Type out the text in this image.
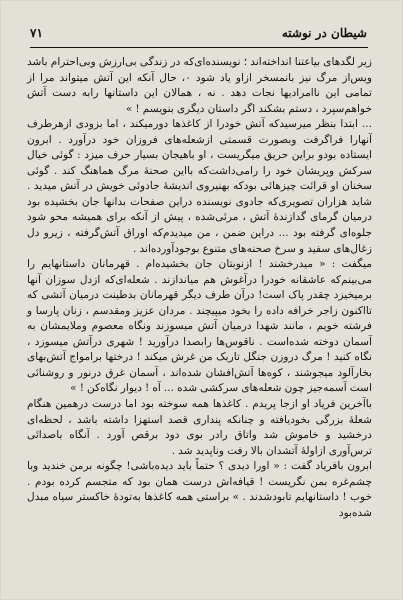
۷۱	شیطان در نوشته

زیر لگدهای بیاعتنا انداخته‌اند ؛ نویسنده‌ای‌که در زندگی بی‌ارزش وبی‌احترام باشد ویس‌از مرگ نیز بانمسخر ازاو یاد شود ۰، حال آنکه این آتش میتواند مرا از تمامی این ناامرادیها نجات دهد . نه ، همالان این داستانها رابه دست آتش خواهم‌سپرد ، دستم بشکند اگر داستان دیگری بنویسم ! »

... ابتدا بنظر میرسیدکه آتش خودرا از کاغذها دورمیکند ، اما بزودی ازهرطرف آنهارا فراگرفت وبصورت قسمتی ازشعله‌های فروزان خود درآورد . ابرون ایستاده بودو براین حریق میگریست ، او باهیجان بسیار حرف میزد : گوئی خیال سرکش وپریشان خود را رامی‌داشت‌که بااین صحنهٔ مرگ هماهنگ کند . گوئی سخنان او قرائت چیزهائی بودکه بهنیروی اندیشهٔ جادوئی خویش در آتش میدید . شاید هزاران تصویری‌که جادوی نویسنده دراین صفحات بدانها جان بخشیده بود درمیان گرمای گدازندهٔ آتش ، مرئی‌شده ، پیش از آنکه برای همیشه محو شود جلوه‌ای گرفته بود ... دراین ضمن ، من میدیدم‌که اوراق آتش‌گرفته ، زیرو دل زغال‌های سفید و سرخ صحنه‌های متنوع بوجودآورده‌اند .

میگفت : « میدرخشند ! ازنوبتان جان بخشیده‌ام . قهرمانان داستانهایم را می‌بینم‌که عاشقانه خودرا درآغوش هم میاندازند . شعله‌ای‌که ازدل سوزان آنها برمیخیزد چقدر پاک است! درآن طرف دیگر قهرمانان بدطینت درمیان آتشی که تااکنون زاجر خرافه داده را بخود میپیچند . مردان عزیز ومقدسم ، زنان پارسا و فرشته خویم ، مانند شهدا درمیان آتش میسوزند ونگاه معصوم وملایمشان به آسمان دوخته شده‌است . ناقوس‌ها رابصدا درآورید ! شهری درآتش میسوزد ، نگاه کنید ! مرگ دروزن جنگل تاریک من غرش میکند ! درختها برامواج آتش‌بهای بخارآلود میجوشند ، کوه‌ها آتش‌افشان شده‌اند ، آسمان غرق درنور و روشنائی است آسمه‌جیز چون شعله‌های سرکشی شده ... آه ! دیوار نگاه‌کن ! »

باآخرین فریاد او ازجا پریدم . کاغذها همه سوخته بود اما درست درهمین هنگام شعلهٔ بزرگی بخودیافته و چنانکه پنداری قصد استهزا داشته باشد ، لحظه‌ای درخشید و خاموش شد واتاق رادر بوی دود برقص آورد . آنگاه باصدائی ترس‌آوری ازاولهٔ آتشدان بالا رفت وناپدید شد .

ابرون بافریاد گفت : « اورا دیدی ؟ حتماً باید دیده‌باشی! چگونه برمن خندید وبا چشم‌غره بمن نگریست ! قیافه‌اش درست همان بود که متجسم کرده بودم . خوب ! داستانهایم تابودشدند . » براستی همه کاغذها به‌تودهٔ خاکستر سیاه مبدل شده‌بود
